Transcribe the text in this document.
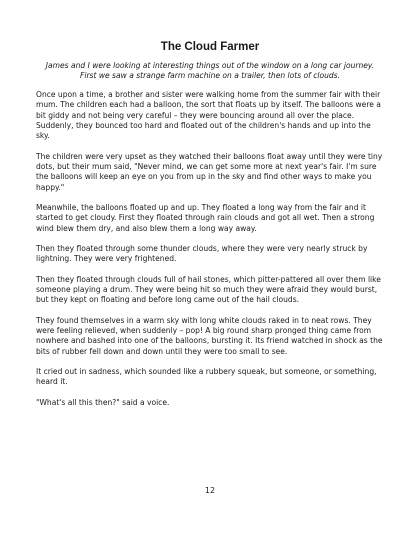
The Cloud Farmer

James and I were looking at interesting things out of the window on a long car journey. First we saw a strange farm machine on a trailer, then lots of clouds.

Once upon a time, a brother and sister were walking home from the summer fair with their mum. The children each had a balloon, the sort that floats up by itself. The balloons were a bit giddy and not being very careful – they were bouncing around all over the place. Suddenly, they bounced too hard and floated out of the children's hands and up into the sky.

The children were very upset as they watched their balloons float away until they were tiny dots, but their mum said, "Never mind, we can get some more at next year's fair. I'm sure the balloons will keep an eye on you from up in the sky and find other ways to make you happy."

Meanwhile, the balloons floated up and up. They floated a long way from the fair and it started to get cloudy. First they floated through rain clouds and got all wet. Then a strong wind blew them dry, and also blew them a long way away.

Then they floated through some thunder clouds, where they were very nearly struck by lightning. They were very frightened.

Then they floated through clouds full of hail stones, which pitter-pattered all over them like someone playing a drum. They were being hit so much they were afraid they would burst, but they kept on floating and before long came out of the hail clouds.

They found themselves in a warm sky with long white clouds raked in to neat rows. They were feeling relieved, when suddenly – pop! A big round sharp pronged thing came from nowhere and bashed into one of the balloons, bursting it. Its friend watched in shock as the bits of rubber fell down and down until they were too small to see.

It cried out in sadness, which sounded like a rubbery squeak, but someone, or something, heard it.

"What's all this then?" said a voice.

12
